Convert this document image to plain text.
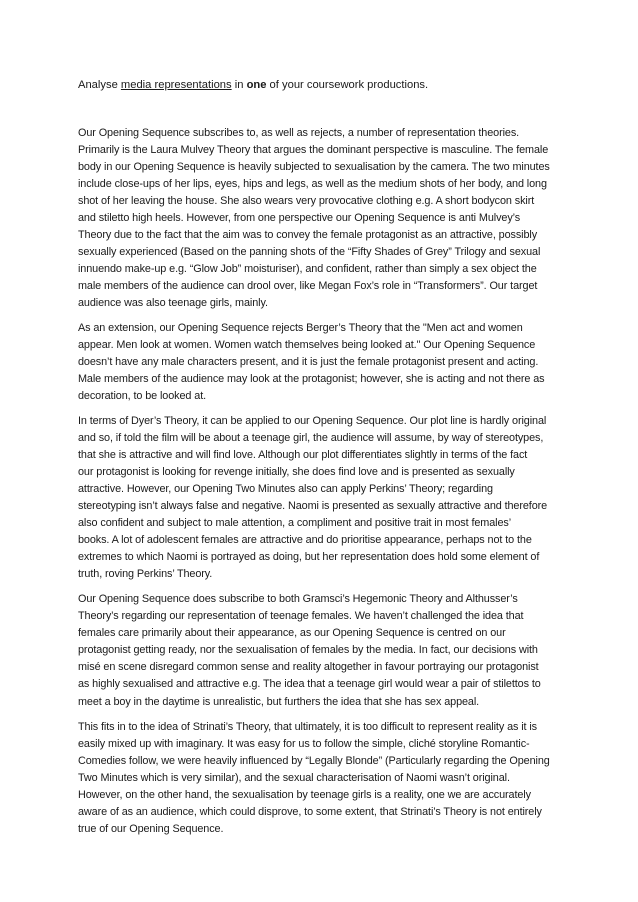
Analyse media representations in one of your coursework productions.

Our Opening Sequence subscribes to, as well as rejects, a number of representation theories.
Primarily is the Laura Mulvey Theory that argues the dominant perspective is masculine. The female
body in our Opening Sequence is heavily subjected to sexualisation by the camera. The two minutes
include close-ups of her lips, eyes, hips and legs, as well as the medium shots of her body, and long
shot of her leaving the house. She also wears very provocative clothing e.g. A short bodycon skirt
and stiletto high heels. However, from one perspective our Opening Sequence is anti Mulvey’s
Theory due to the fact that the aim was to convey the female protagonist as an attractive, possibly
sexually experienced (Based on the panning shots of the “Fifty Shades of Grey” Trilogy and sexual
innuendo make-up e.g. “Glow Job” moisturiser), and confident, rather than simply a sex object the
male members of the audience can drool over, like Megan Fox’s role in “Transformers”. Our target
audience was also teenage girls, mainly.

As an extension, our Opening Sequence rejects Berger’s Theory that the "Men act and women
appear. Men look at women. Women watch themselves being looked at." Our Opening Sequence
doesn’t have any male characters present, and it is just the female protagonist present and acting.
Male members of the audience may look at the protagonist; however, she is acting and not there as
decoration, to be looked at.

In terms of Dyer’s Theory, it can be applied to our Opening Sequence. Our plot line is hardly original
and so, if told the film will be about a teenage girl, the audience will assume, by way of stereotypes,
that she is attractive and will find love. Although our plot differentiates slightly in terms of the fact
our protagonist is looking for revenge initially, she does find love and is presented as sexually
attractive. However, our Opening Two Minutes also can apply Perkins’ Theory; regarding
stereotyping isn’t always false and negative. Naomi is presented as sexually attractive and therefore
also confident and subject to male attention, a compliment and positive trait in most females’
books. A lot of adolescent females are attractive and do prioritise appearance, perhaps not to the
extremes to which Naomi is portrayed as doing, but her representation does hold some element of
truth, roving Perkins’ Theory.

Our Opening Sequence does subscribe to both Gramsci’s Hegemonic Theory and Althusser’s
Theory’s regarding our representation of teenage females. We haven’t challenged the idea that
females care primarily about their appearance, as our Opening Sequence is centred on our
protagonist getting ready, nor the sexualisation of females by the media. In fact, our decisions with
misé en scene disregard common sense and reality altogether in favour portraying our protagonist
as highly sexualised and attractive e.g. The idea that a teenage girl would wear a pair of stilettos to
meet a boy in the daytime is unrealistic, but furthers the idea that she has sex appeal.

This fits in to the idea of Strinati’s Theory, that ultimately, it is too difficult to represent reality as it is
easily mixed up with imaginary. It was easy for us to follow the simple, cliché storyline Romantic-
Comedies follow, we were heavily influenced by “Legally Blonde” (Particularly regarding the Opening
Two Minutes which is very similar), and the sexual characterisation of Naomi wasn’t original.
However, on the other hand, the sexualisation by teenage girls is a reality, one we are accurately
aware of as an audience, which could disprove, to some extent, that Strinati’s Theory is not entirely
true of our Opening Sequence.
